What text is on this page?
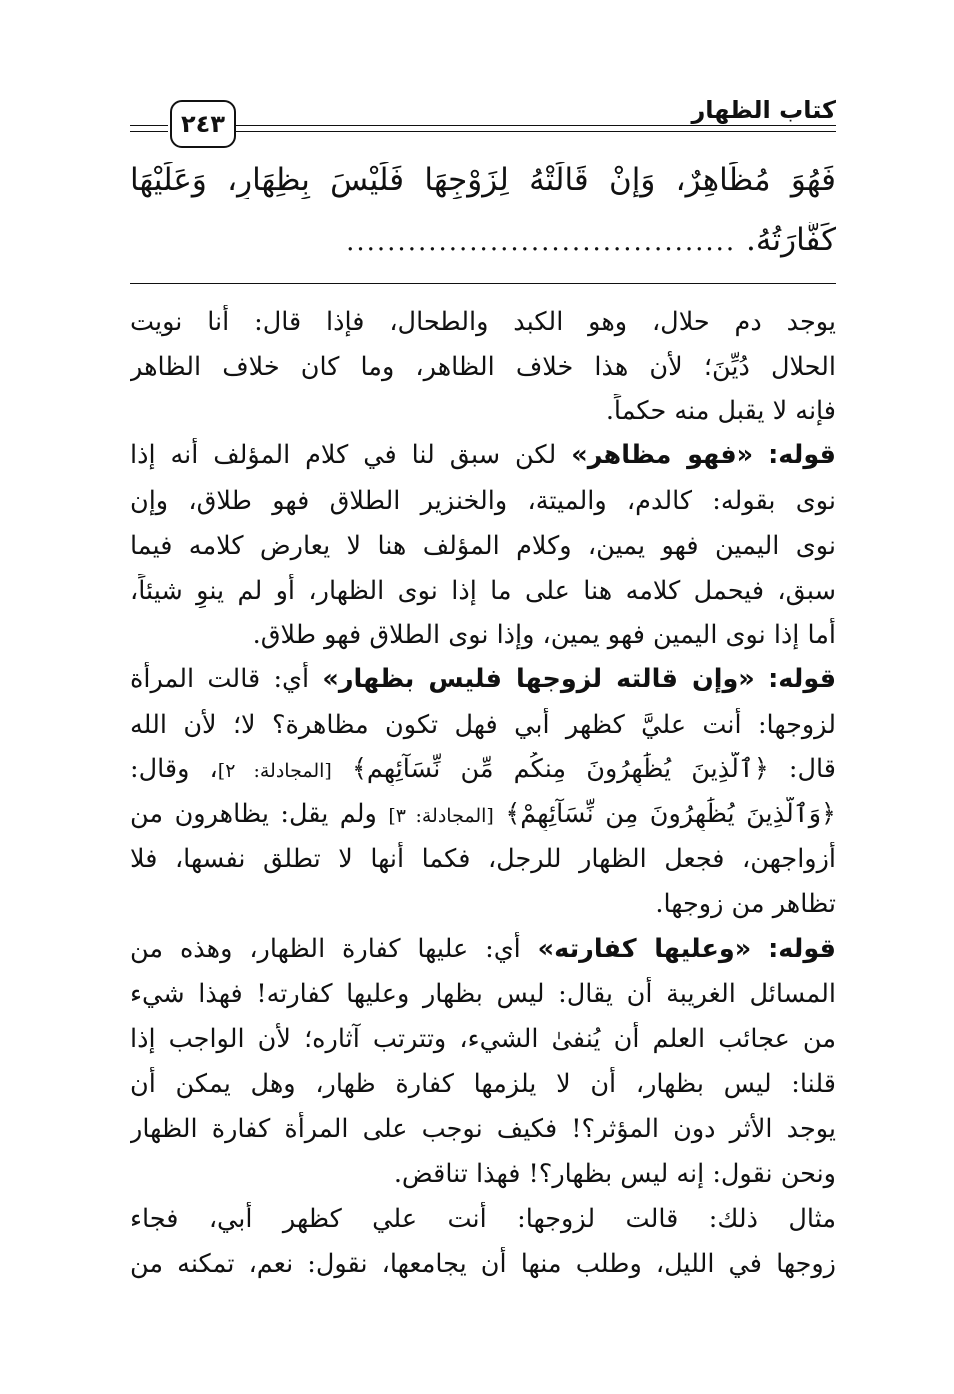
٢٤٣	كتاب الظهار
فَهُوَ مُظَاهِرٌ، وَإِنْ قَالَتْهُ لِزَوْجِهَا فَلَيْسَ بِظِهَارٍ، وَعَلَيْهَا
كَفَّارَتُهُ. ......................................
يوجد دم حلال، وهو الكبد والطحال، فإذا قال: أنا نويت
الحلال دُيِّنَ؛ لأن هذا خلاف الظاهر، وما كان خلاف الظاهر
فإنه لا يقبل منه حكماً.
قوله: «فهو مظاهر» لكن سبق لنا في كلام المؤلف أنه إذا
نوى بقوله: كالدم، والميتة، والخنزير الطلاق فهو طلاق، وإن
نوى اليمين فهو يمين، وكلام المؤلف هنا لا يعارض كلامه فيما
سبق، فيحمل كلامه هنا على ما إذا نوى الظهار، أو لم ينوِ شيئاً،
أما إذا نوى اليمين فهو يمين، وإذا نوى الطلاق فهو طلاق.
قوله: «وإن قالته لزوجها فليس بظهار» أي: قالت المرأة
لزوجها: أنت عليَّ كظهر أبي فهل تكون مظاهرة؟ لا؛ لأن الله
قال: ﴿ٱلَّذِينَ يُظَٰهِرُونَ مِنكُم مِّن نِّسَآئِهِم﴾ [المجادلة: ٢]، وقال:
﴿وَٱلَّذِينَ يُظَٰهِرُونَ مِن نِّسَآئِهِمْ﴾ [المجادلة: ٣] ولم يقل: يظاهرون من
أزواجهن، فجعل الظهار للرجل، فكما أنها لا تطلق نفسها، فلا
تظاهر من زوجها.
قوله: «وعليها كفارته» أي: عليها كفارة الظهار، وهذه من
المسائل الغريبة أن يقال: ليس بظهار وعليها كفارته! فهذا شيء
من عجائب العلم أن يُنفىٰ الشيء، وتترتب آثاره؛ لأن الواجب إذا
قلنا: ليس بظهار، أن لا يلزمها كفارة ظهار، وهل يمكن أن
يوجد الأثر دون المؤثر؟! فكيف نوجب على المرأة كفارة الظهار
ونحن نقول: إنه ليس بظهار؟! فهذا تناقض.
مثال ذلك: قالت لزوجها: أنت علي كظهر أبي، فجاء
زوجها في الليل، وطلب منها أن يجامعها، نقول: نعم، تمكنه من
